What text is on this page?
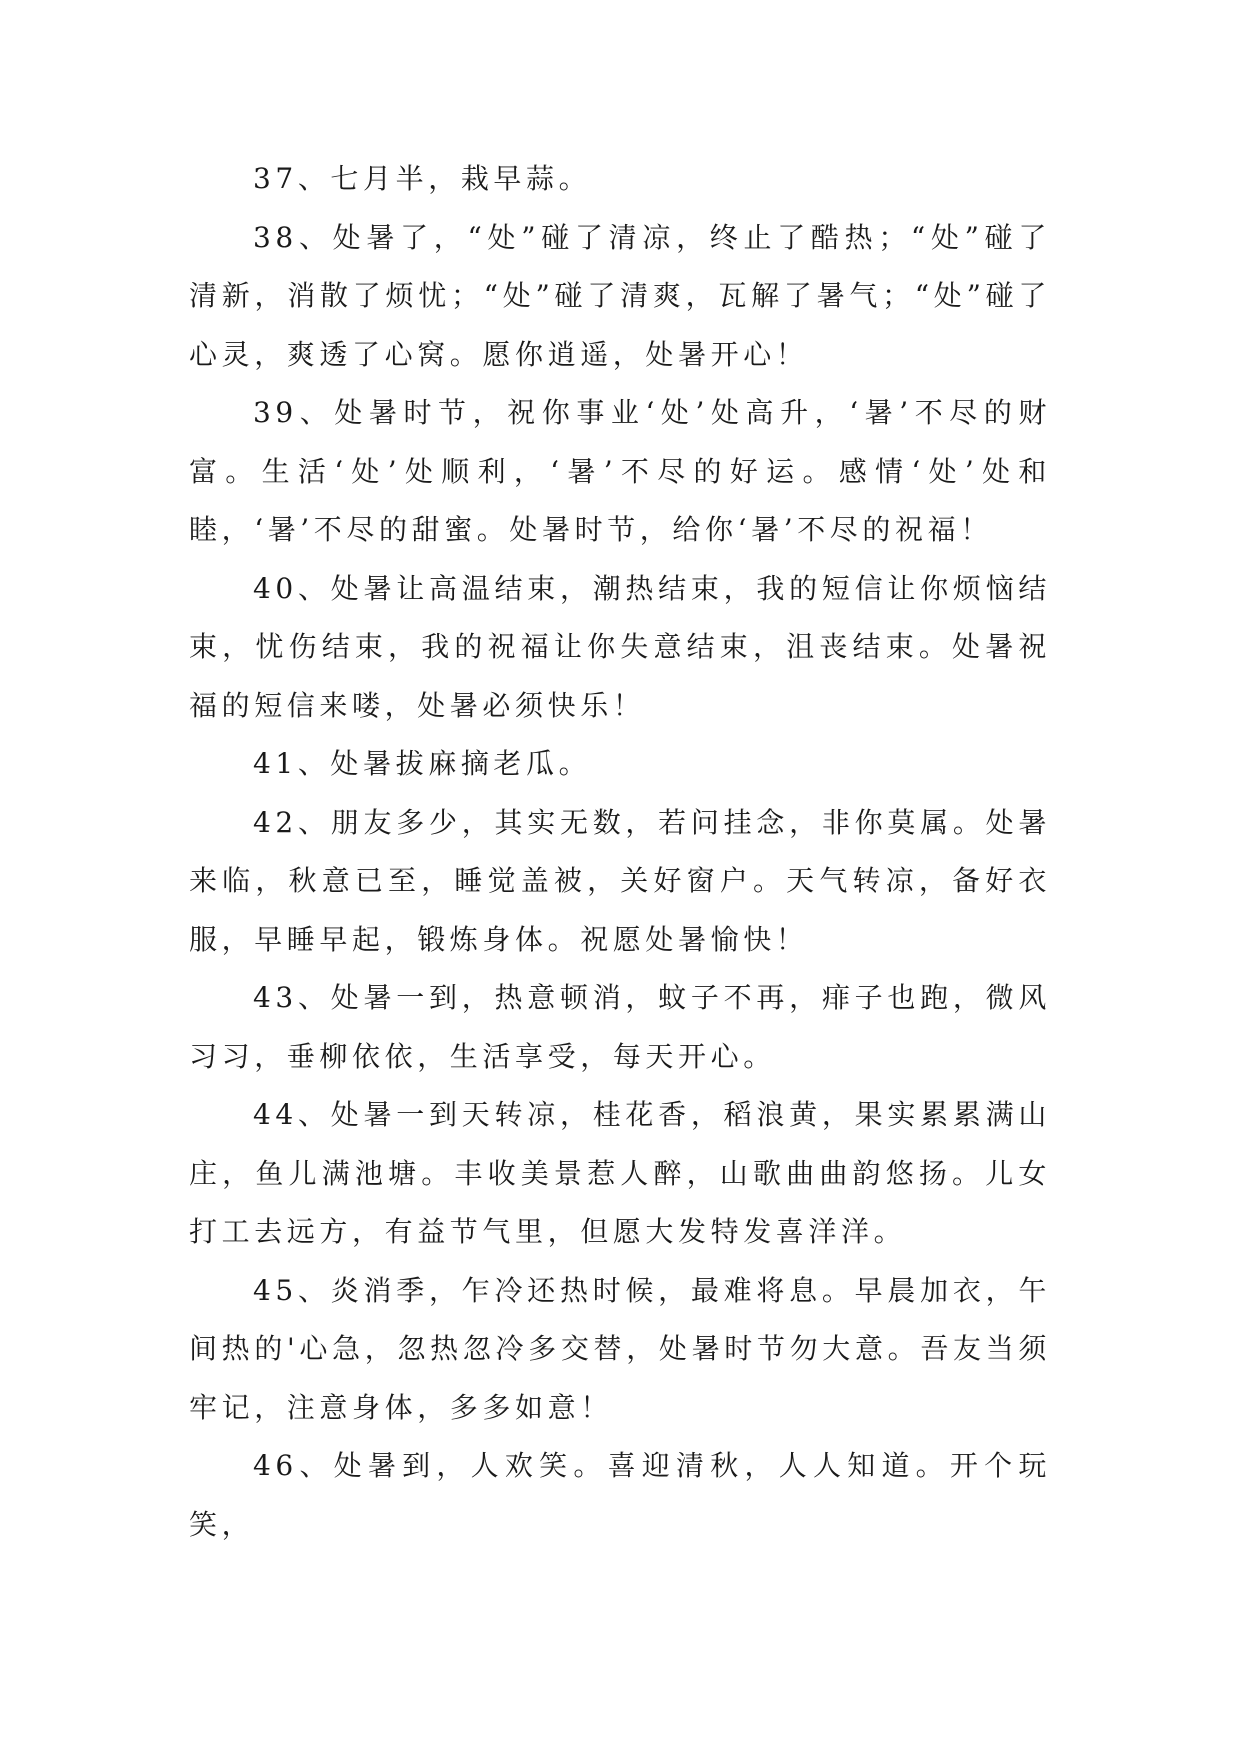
37、七月半，栽早蒜。

38、处暑了，“处”碰了清凉，终止了酷热；“处”碰了清新，消散了烦忧；“处”碰了清爽，瓦解了暑气；“处”碰了心灵，爽透了心窝。愿你逍遥，处暑开心！

39、处暑时节，祝你事业‘处’处高升，‘暑’不尽的财富。生活‘处’处顺利，‘暑’不尽的好运。感情‘处’处和睦，‘暑’不尽的甜蜜。处暑时节，给你‘暑’不尽的祝福！

40、处暑让高温结束，潮热结束，我的短信让你烦恼结束，忧伤结束，我的祝福让你失意结束，沮丧结束。处暑祝福的短信来喽，处暑必须快乐！

41、处暑拔麻摘老瓜。

42、朋友多少，其实无数，若问挂念，非你莫属。处暑来临，秋意已至，睡觉盖被，关好窗户。天气转凉，备好衣服，早睡早起，锻炼身体。祝愿处暑愉快！

43、处暑一到，热意顿消，蚊子不再，痱子也跑，微风习习，垂柳依依，生活享受，每天开心。

44、处暑一到天转凉，桂花香，稻浪黄，果实累累满山庄，鱼儿满池塘。丰收美景惹人醉，山歌曲曲韵悠扬。儿女打工去远方，有益节气里，但愿大发特发喜洋洋。

45、炎消季，乍冷还热时候，最难将息。早晨加衣，午间热的'心急，忽热忽冷多交替，处暑时节勿大意。吾友当须牢记，注意身体，多多如意！

46、处暑到，人欢笑。喜迎清秋，人人知道。开个玩笑，
